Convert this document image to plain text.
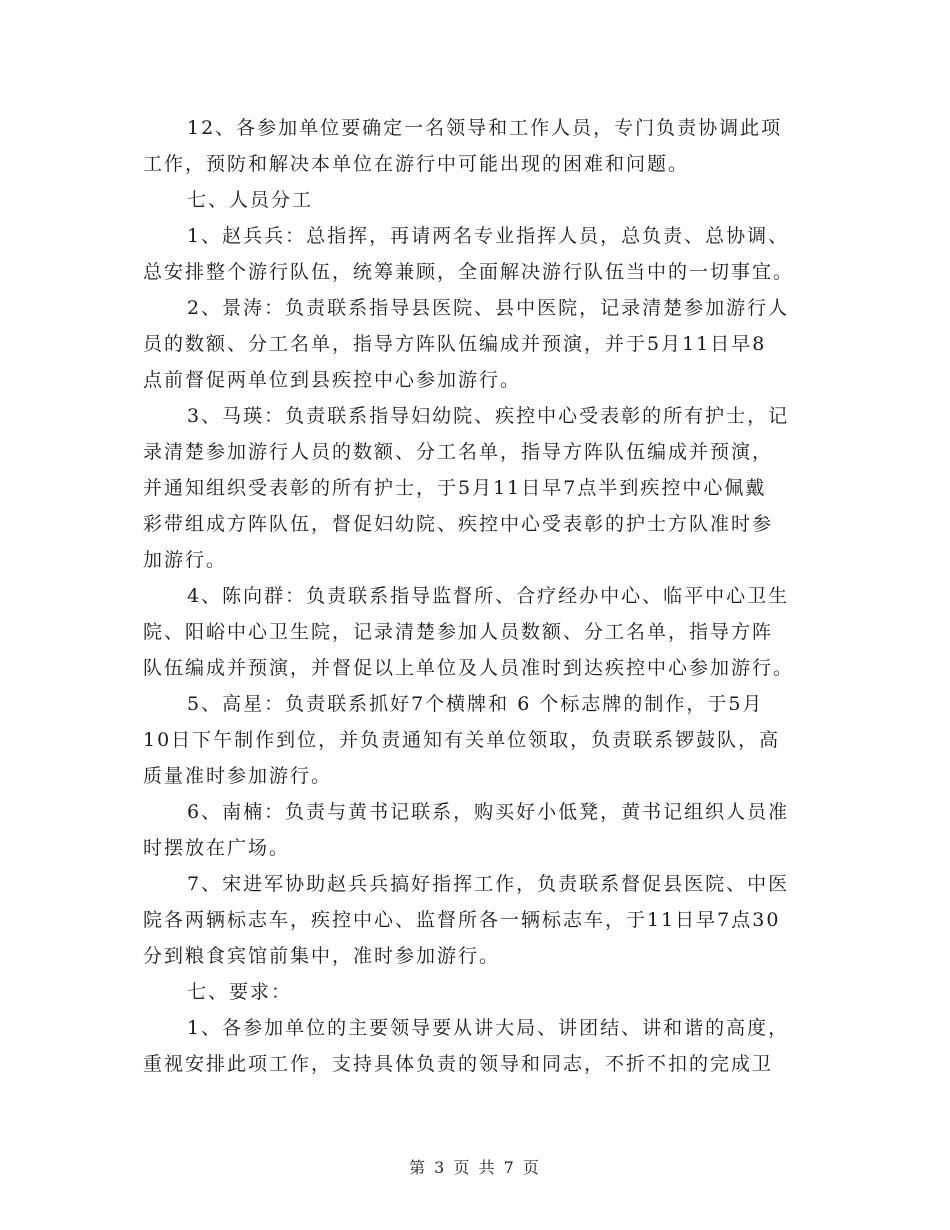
12、各参加单位要确定一名领导和工作人员，专门负责协调此项
工作，预防和解决本单位在游行中可能出现的困难和问题。
七、人员分工
1、赵兵兵：总指挥，再请两名专业指挥人员，总负责、总协调、
总安排整个游行队伍，统筹兼顾，全面解决游行队伍当中的一切事宜。
2、景涛：负责联系指导县医院、县中医院，记录清楚参加游行人
员的数额、分工名单，指导方阵队伍编成并预演，并于5月11日早8
点前督促两单位到县疾控中心参加游行。
3、马瑛：负责联系指导妇幼院、疾控中心受表彰的所有护士，记
录清楚参加游行人员的数额、分工名单，指导方阵队伍编成并预演，
并通知组织受表彰的所有护士，于5月11日早7点半到疾控中心佩戴
彩带组成方阵队伍，督促妇幼院、疾控中心受表彰的护士方队准时参
加游行。
4、陈向群：负责联系指导监督所、合疗经办中心、临平中心卫生
院、阳峪中心卫生院，记录清楚参加人员数额、分工名单，指导方阵
队伍编成并预演，并督促以上单位及人员准时到达疾控中心参加游行。
5、高星：负责联系抓好7个横牌和 6 个标志牌的制作，于5月
10日下午制作到位，并负责通知有关单位领取，负责联系锣鼓队，高
质量准时参加游行。
6、南楠：负责与黄书记联系，购买好小低凳，黄书记组织人员准
时摆放在广场。
7、宋进军协助赵兵兵搞好指挥工作，负责联系督促县医院、中医
院各两辆标志车，疾控中心、监督所各一辆标志车，于11日早7点30
分到粮食宾馆前集中，准时参加游行。
七、要求：
1、各参加单位的主要领导要从讲大局、讲团结、讲和谐的高度，
重视安排此项工作，支持具体负责的领导和同志，不折不扣的完成卫
第 3 页 共 7 页
